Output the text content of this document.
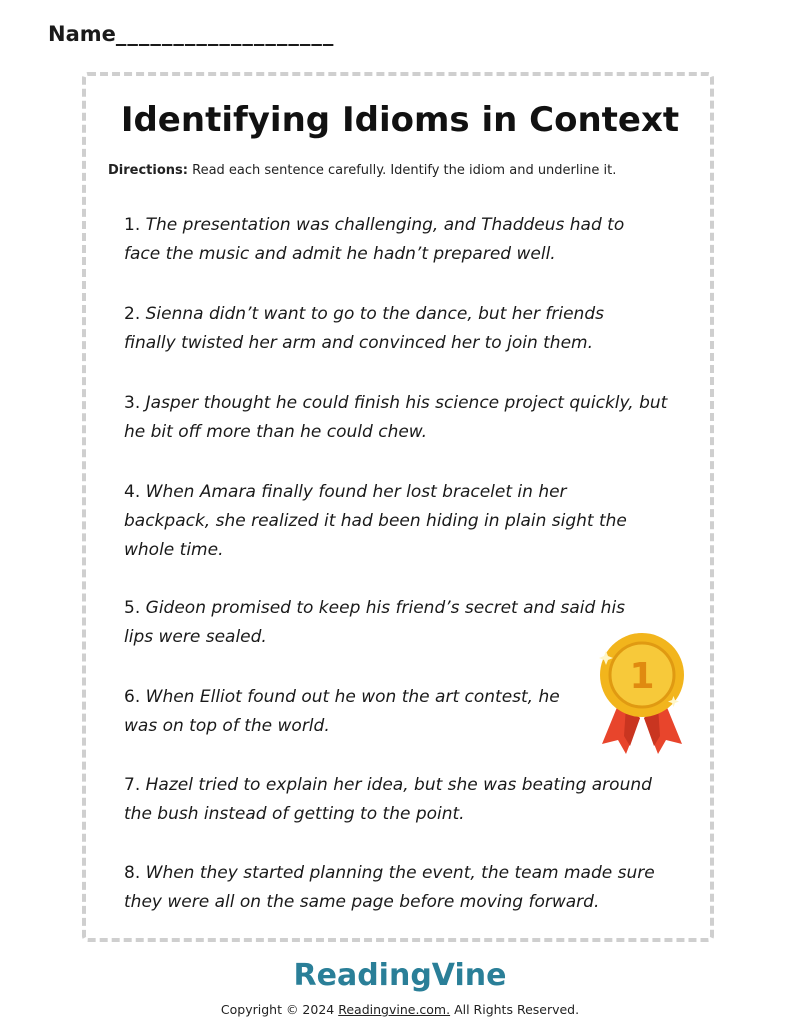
Name___________________
Identifying Idioms in Context
Directions: Read each sentence carefully. Identify the idiom and underline it.
1. The presentation was challenging, and Thaddeus had to face the music and admit he hadn’t prepared well.
2. Sienna didn’t want to go to the dance, but her friends finally twisted her arm and convinced her to join them.
3. Jasper thought he could finish his science project quickly, but he bit off more than he could chew.
4. When Amara finally found her lost bracelet in her backpack, she realized it had been hiding in plain sight the whole time.
5. Gideon promised to keep his friend’s secret and said his lips were sealed.
6. When Elliot found out he won the art contest, he was on top of the world.
7. Hazel tried to explain her idea, but she was beating around the bush instead of getting to the point.
8. When they started planning the event, the team made sure they were all on the same page before moving forward.
1
ReadingVine
Copyright © 2024 Readingvine.com. All Rights Reserved.
